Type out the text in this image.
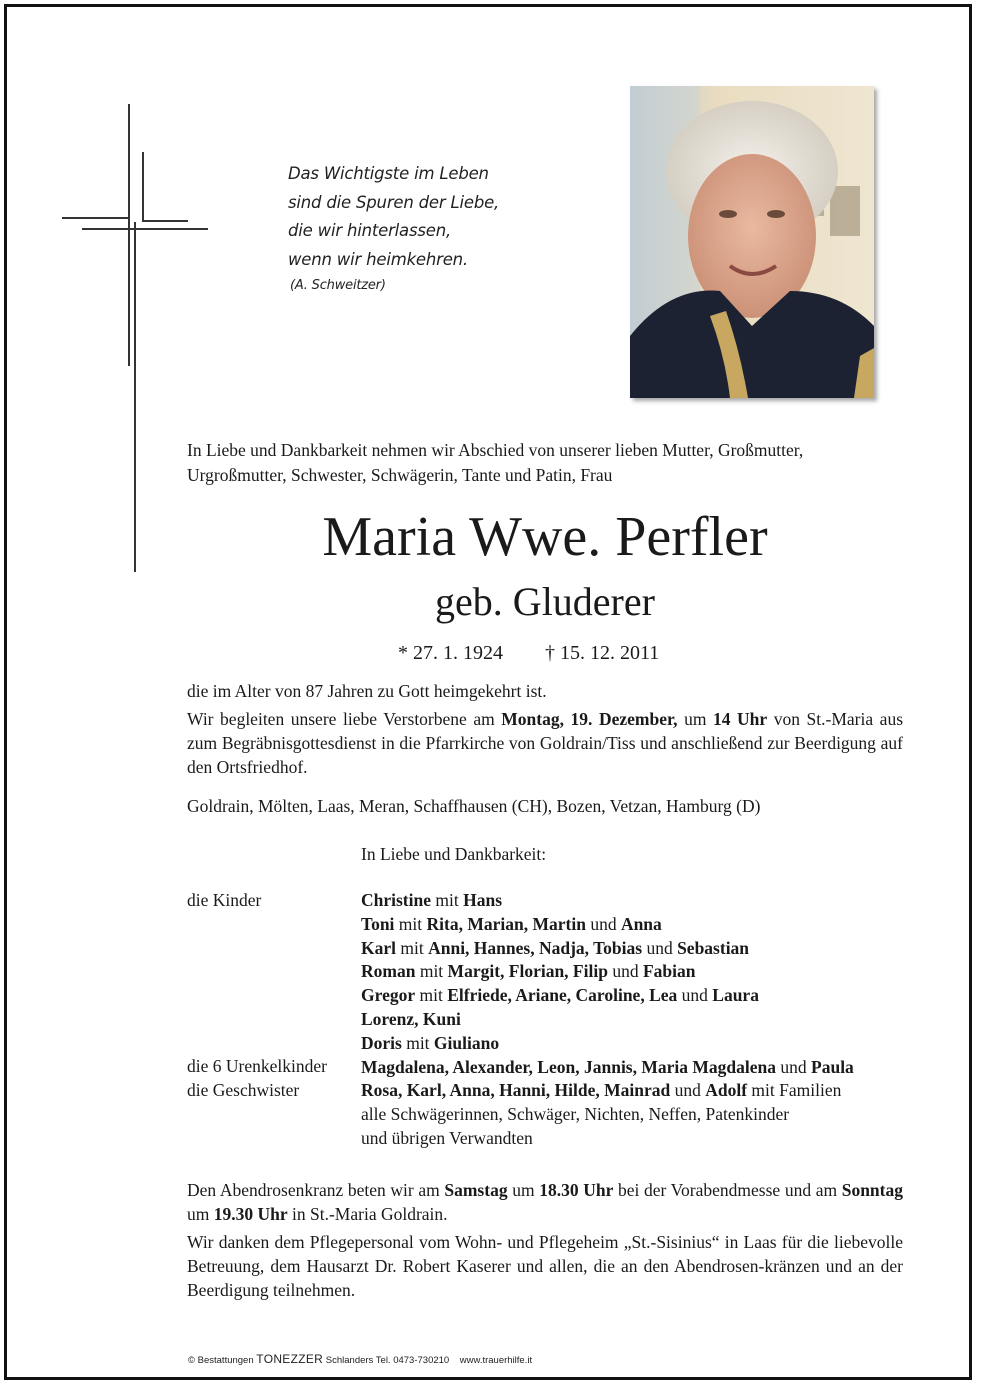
Das Wichtigste im Leben
sind die Spuren der Liebe,
die wir hinterlassen,
wenn wir heimkehren.
(A. Schweitzer)
In Liebe und Dankbarkeit nehmen wir Abschied von unserer lieben Mutter, Großmutter, Urgroßmutter, Schwester, Schwägerin, Tante und Patin, Frau
Maria Wwe. Perfler
geb. Gluderer
* 27. 1. 1924 † 15. 12. 2011
die im Alter von 87 Jahren zu Gott heimgekehrt ist.
Wir begleiten unsere liebe Verstorbene am Montag, 19. Dezember, um 14 Uhr von St.-Maria aus zum Begräbnisgottesdienst in die Pfarrkirche von Goldrain/Tiss und anschließend zur Beerdigung auf den Ortsfriedhof.
Goldrain, Mölten, Laas, Meran, Schaffhausen (CH), Bozen, Vetzan, Hamburg (D)
In Liebe und Dankbarkeit:
die Kinder
die 6 Urenkelkinder
die Geschwister
Christine mit Hans
Toni mit Rita, Marian, Martin und Anna
Karl mit Anni, Hannes, Nadja, Tobias und Sebastian
Roman mit Margit, Florian, Filip und Fabian
Gregor mit Elfriede, Ariane, Caroline, Lea und Laura
Lorenz, Kuni
Doris mit Giuliano
Magdalena, Alexander, Leon, Jannis, Maria Magdalena und Paula
Rosa, Karl, Anna, Hanni, Hilde, Mainrad und Adolf mit Familien
alle Schwägerinnen, Schwäger, Nichten, Neffen, Patenkinder
und übrigen Verwandten
Den Abendrosenkranz beten wir am Samstag um 18.30 Uhr bei der Vorabendmesse und am Sonntag um 19.30 Uhr in St.-Maria Goldrain.
Wir danken dem Pflegepersonal vom Wohn- und Pflegeheim „St.-Sisinius“ in Laas für die liebevolle Betreuung, dem Hausarzt Dr. Robert Kaserer und allen, die an den Abendrosen-kränzen und an der Beerdigung teilnehmen.
© Bestattungen TONEZZER Schlanders Tel. 0473-730210 www.trauerhilfe.it
